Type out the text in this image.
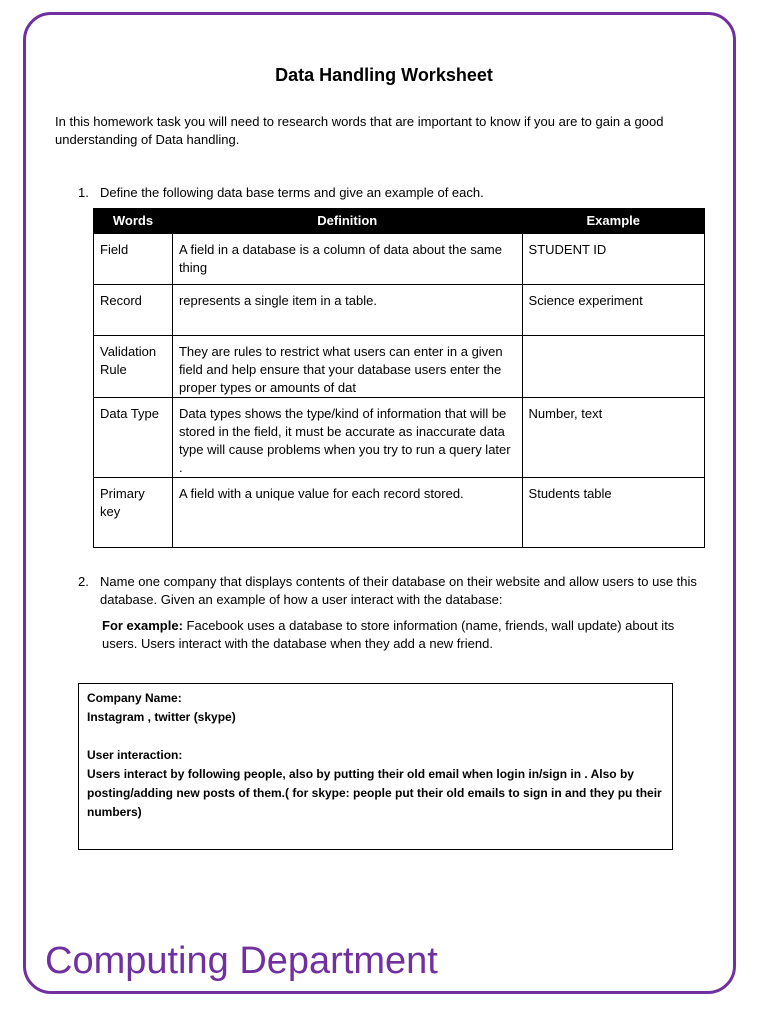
Data Handling Worksheet
In this homework task you will need to research words that are important to know if you are to gain a good understanding of Data handling.
1. Define the following data base terms and give an example of each.
Words	Definition	Example
Field	A field in a database is a column of data about the same thing	STUDENT ID
Record	represents a single item in a table.	Science experiment
Validation Rule	They are rules to restrict what users can enter in a given field and help ensure that your database users enter the proper types or amounts of dat	
Data Type	Data types shows the type/kind of information that will be stored in the field, it must be accurate as inaccurate data type will cause problems when you try to run a query later .	Number, text
Primary key	A field with a unique value for each record stored.	Students table
2. Name one company that displays contents of their database on their website and allow users to use this database. Given an example of how a user interact with the database:
For example: Facebook uses a database to store information (name, friends, wall update) about its users. Users interact with the database when they add a new friend.
Company Name:
Instagram , twitter (skype)
User interaction:
Users interact by following people, also by putting their old email when login in/sign in . Also by posting/adding new posts of them.( for skype: people put their old emails to sign in and they pu their numbers)
Computing Department
